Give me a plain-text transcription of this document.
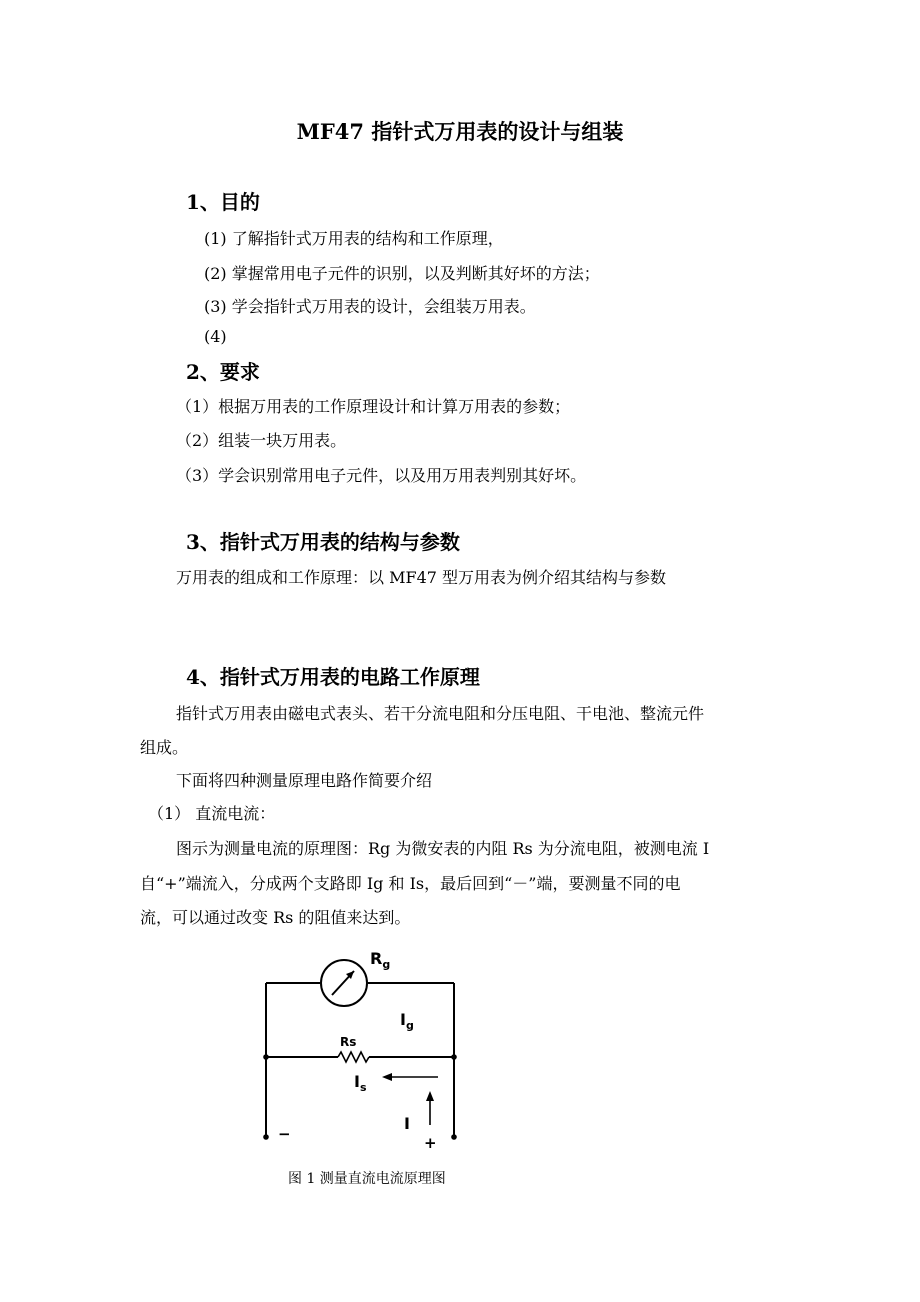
MF47 指针式万用表的设计与组装
1、目的
(1) 了解指针式万用表的结构和工作原理，
(2) 掌握常用电子元件的识别，以及判断其好坏的方法；
(3) 学会指针式万用表的设计，会组装万用表。
(4)
2、要求
（1）根据万用表的工作原理设计和计算万用表的参数；
（2）组装一块万用表。
（3）学会识别常用电子元件，以及用万用表判别其好坏。
3、指针式万用表的结构与参数
万用表的组成和工作原理：以 MF47 型万用表为例介绍其结构与参数
4、指针式万用表的电路工作原理
指针式万用表由磁电式表头、若干分流电阻和分压电阻、干电池、整流元件
组成。
下面将四种测量原理电路作简要介绍
（1） 直流电流：
图示为测量电流的原理图：Rg 为微安表的内阻 Rs 为分流电阻，被测电流 I
自“+”端流入，分成两个支路即 Ig 和 Is，最后回到“－”端，要测量不同的电
流，可以通过改变 Rs 的阻值来达到。
$R_g$
$I_g$
Rs
$I_s$
I
−	+
图 1 测量直流电流原理图
